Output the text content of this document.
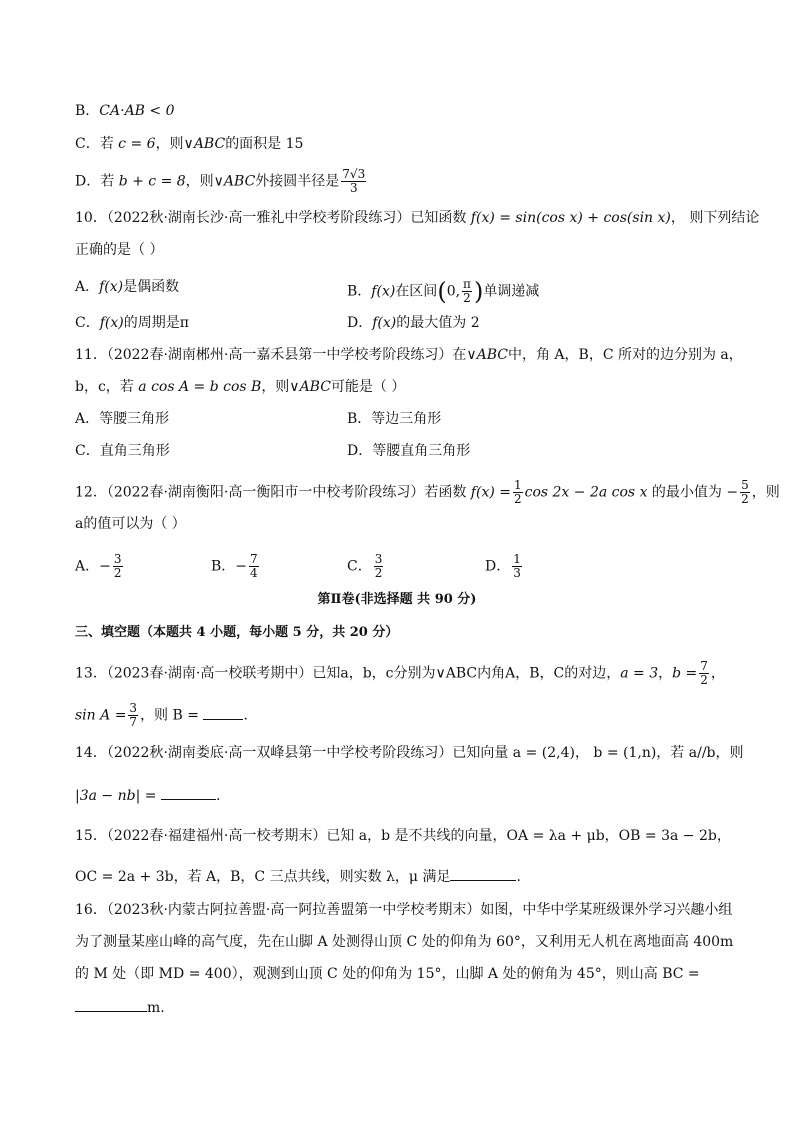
B．CA·AB < 0
C．若 c = 6，则∨ABC的面积是 15
D．若 b + c = 8，则∨ABC外接圆半径是 $\frac{7√3}{3}$
10．（2022秋·湖南长沙·高一雅礼中学校考阶段练习）已知函数 f(x) = sin(cos x) + cos(sin x)， 则下列结论
正确的是（ ）
A．f(x)是偶函数	B．f(x)在区间(0, $\frac{\pi}{2}$ )单调递减
C．f(x)的周期是π	D．f(x)的最大值为 2
11．（2022春·湖南郴州·高一嘉禾县第一中学校考阶段练习）在∨ABC中，角 A，B，C 所对的边分别为 a，
b，c，若 a cos A = b cos B，则∨ABC可能是（ ）
A．等腰三角形	B．等边三角形
C．直角三角形	D．等腰直角三角形
12．（2022春·湖南衡阳·高一衡阳市一中校考阶段练习）若函数 $f(x) = \frac{1}{2}$ cos 2x − 2a cos x 的最小值为 − $\frac{5}{2}$ ，则
a的值可以为（ ）
A．− $\frac{3}{2}$	B．− $\frac{7}{4}$	C． $\frac{3}{2}$	D． $\frac{1}{3}$
第Ⅱ卷(非选择题 共 90 分)
三、填空题（本题共 4 小题，每小题 5 分，共 20 分）
13．（2023春·湖南·高一校联考期中）已知a，b，c分别为∨ABC内角A，B，C的对边，a = 3，$b = \frac{7}{2}$ ，
$\sin A = \frac{3}{7}$ ，则 B =	.
14．（2022秋·湖南娄底·高一双峰县第一中学校考阶段练习）已知向量 a = (2,4)， b = (1,n)，若 a//b，则
|3a − nb| =	.
15．（2022春·福建福州·高一校考期末）已知 a，b 是不共线的向量，OA = λa + μb，OB = 3a − 2b，
OC = 2a + 3b，若 A，B，C 三点共线，则实数 λ，μ 满足	.
16．（2023秋·内蒙古阿拉善盟·高一阿拉善盟第一中学校考期末）如图，中华中学某班级课外学习兴趣小组
为了测量某座山峰的高气度，先在山脚 A 处测得山顶 C 处的仰角为 60°，又利用无人机在离地面高 400m
的 M 处（即 MD = 400），观测到山顶 C 处的仰角为 15°，山脚 A 处的俯角为 45°，则山高 BC =
m.
